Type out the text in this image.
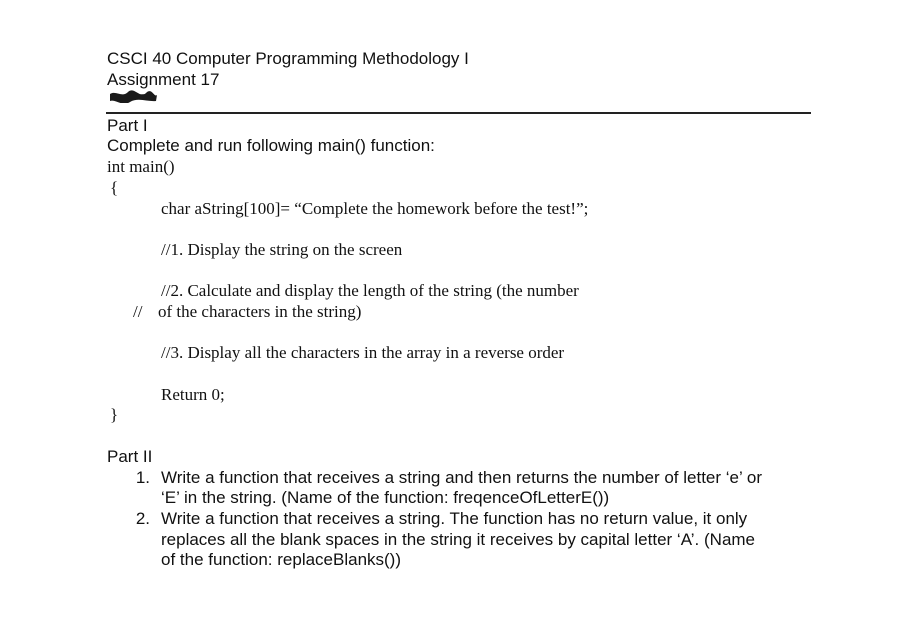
CSCI 40 Computer Programming Methodology I
Assignment 17
Part I
Complete and run following main() function:
int main()
{
char aString[100]= “Complete the homework before the test!”;
//1. Display the string on the screen
//2. Calculate and display the length of the string (the number
// of the characters in the string)
//3. Display all the characters in the array in a reverse order
Return 0;
}
Part II
1. Write a function that receives a string and then returns the number of letter ‘e’ or
‘E’ in the string. (Name of the function: freqenceOfLetterE())
2. Write a function that receives a string. The function has no return value, it only
replaces all the blank spaces in the string it receives by capital letter ‘A’. (Name
of the function: replaceBlanks())
